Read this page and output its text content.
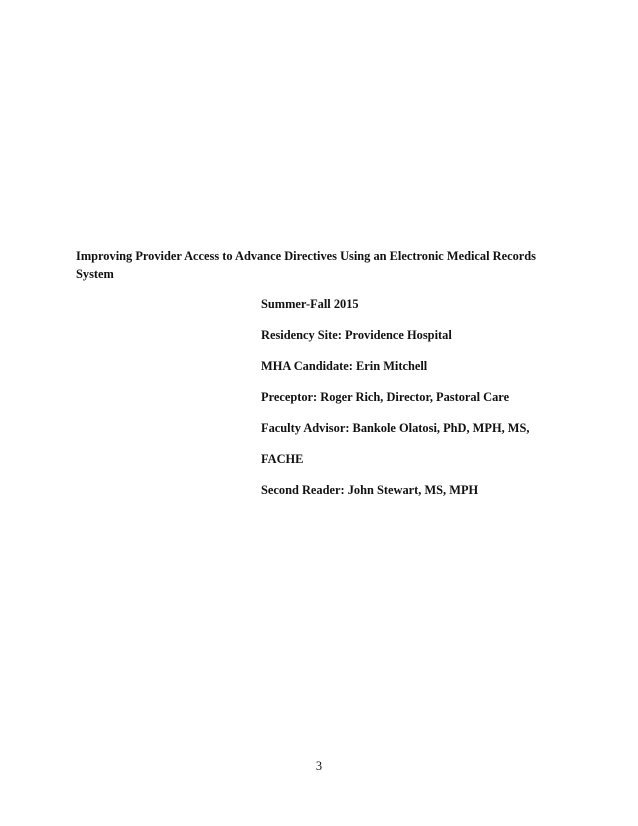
Improving Provider Access to Advance Directives Using an Electronic Medical Records
System
Summer-Fall 2015
Residency Site: Providence Hospital
MHA Candidate: Erin Mitchell
Preceptor: Roger Rich, Director, Pastoral Care
Faculty Advisor: Bankole Olatosi, PhD, MPH, MS,
FACHE
Second Reader: John Stewart, MS, MPH
3
